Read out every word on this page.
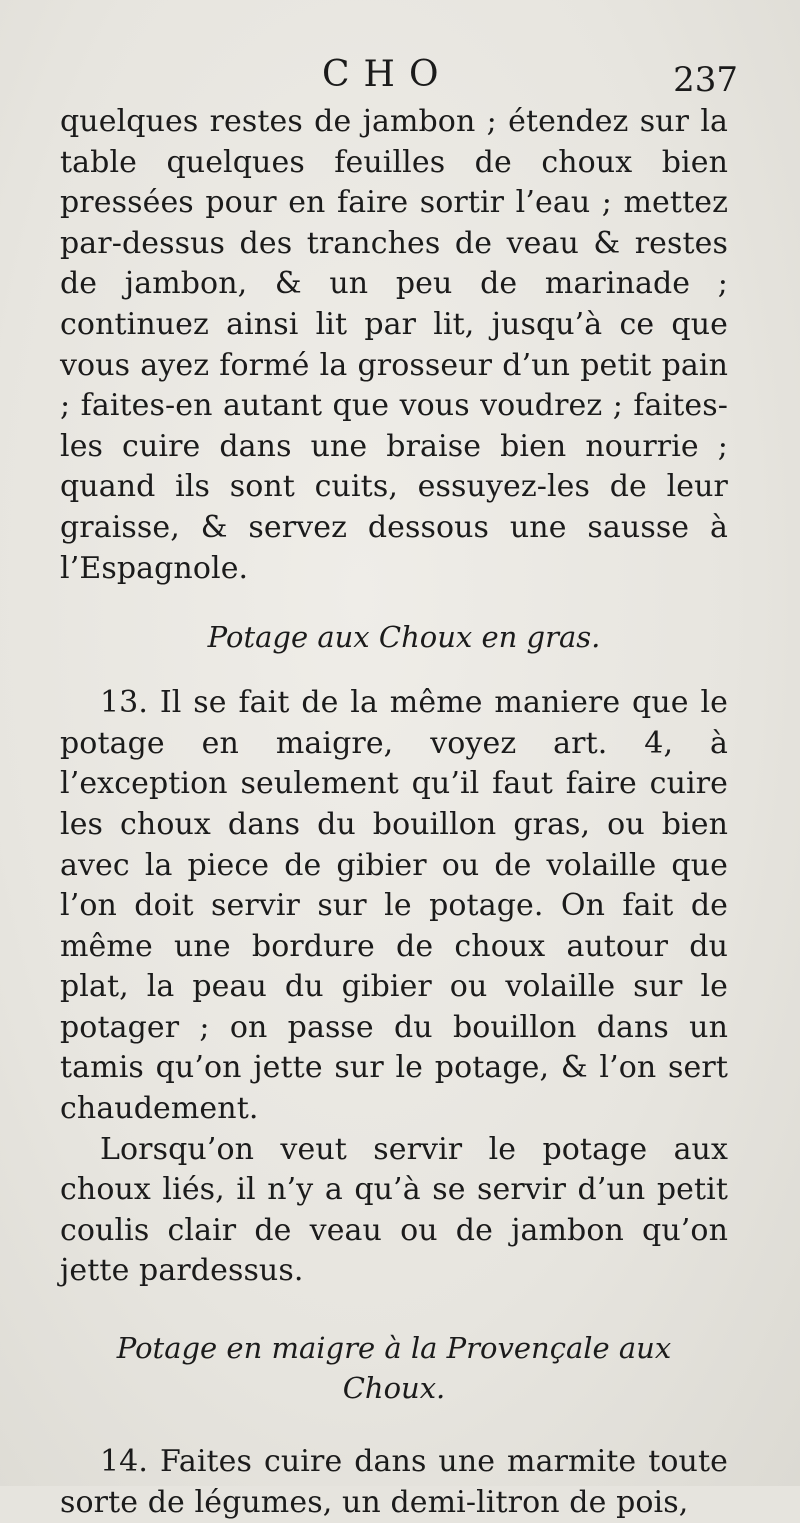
CHO	237

quelques restes de jambon ; étendez sur la table quelques feuilles de choux bien pressées pour en faire sortir l’eau ; mettez par-dessus des tranches de veau & restes de jambon, & un peu de marinade ; continuez ainsi lit par lit, jusqu’à ce que vous ayez formé la grosseur d’un petit pain ; faites-en autant que vous voudrez ; faites-les cuire dans une braise bien nourrie ; quand ils sont cuits, essuyez-les de leur graisse, & servez dessous une sausse à l’Espagnole.

Potage aux Choux en gras.

13. Il se fait de la même maniere que le potage en maigre, voyez art. 4, à l’exception seulement qu’il faut faire cuire les choux dans du bouillon gras, ou bien avec la piece de gibier ou de volaille que l’on doit servir sur le potage. On fait de même une bordure de choux autour du plat, la peau du gibier ou volaille sur le potager ; on passe du bouillon dans un tamis qu’on jette sur le potage, & l’on sert chaudement.

Lorsqu’on veut servir le potage aux choux liés, il n’y a qu’à se servir d’un petit coulis clair de veau ou de jambon qu’on jette pardessus.

Potage en maigre à la Provençale aux
Choux.

14. Faites cuire dans une marmite toute sorte de légumes, un demi-litron de pois,
